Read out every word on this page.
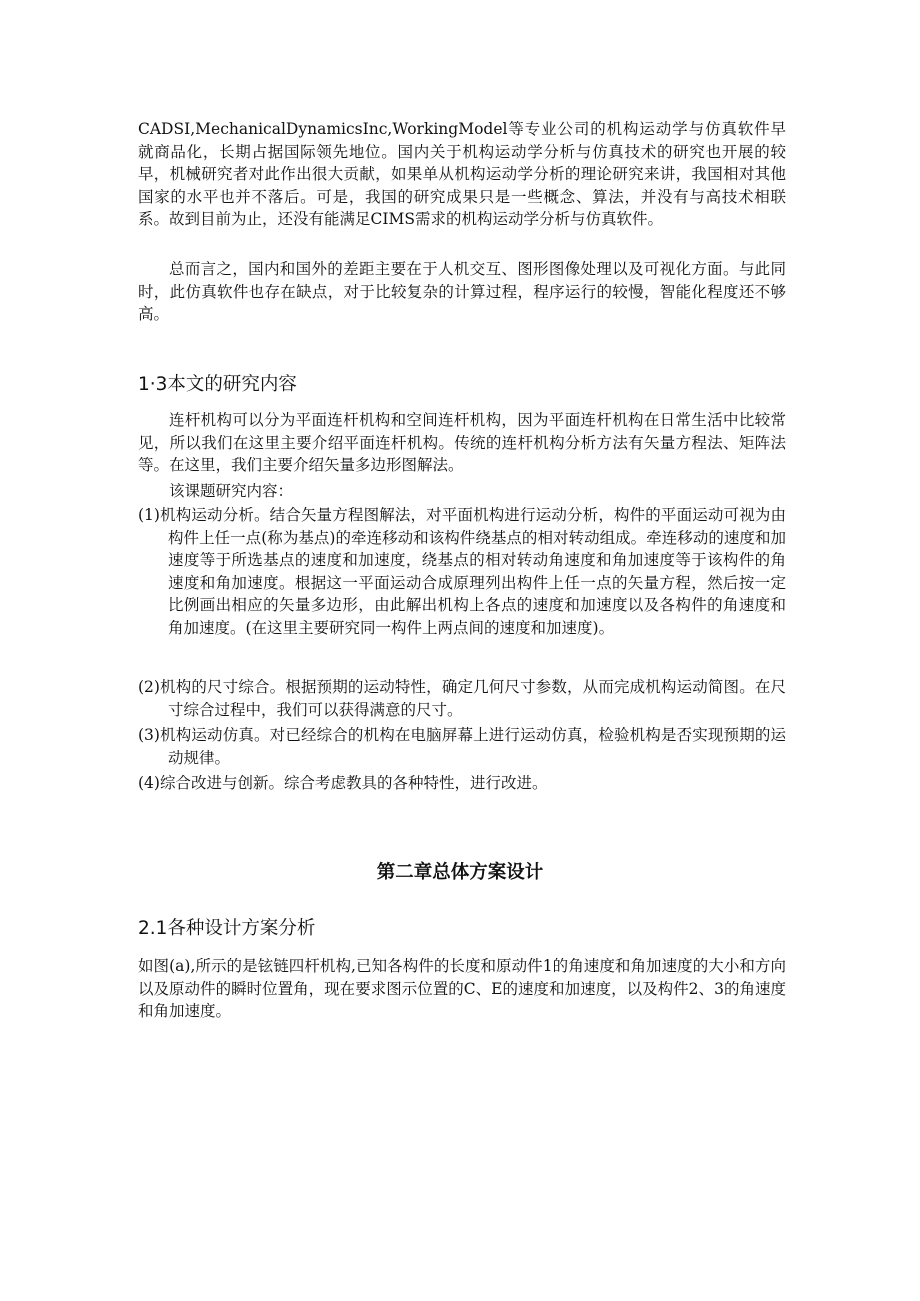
CADSI,MechanicalDynamicsInc,WorkingModel等专业公司的机构运动学与仿真软件早就商品化，长期占据国际领先地位。国内关于机构运动学分析与仿真技术的研究也开展的较早，机械研究者对此作出很大贡献，如果单从机构运动学分析的理论研究来讲，我国相对其他国家的水平也并不落后。可是，我国的研究成果只是一些概念、算法，并没有与高技术相联系。故到目前为止，还没有能满足CIMS需求的机构运动学分析与仿真软件。

总而言之，国内和国外的差距主要在于人机交互、图形图像处理以及可视化方面。与此同时，此仿真软件也存在缺点，对于比较复杂的计算过程，程序运行的较慢，智能化程度还不够高。

1·3本文的研究内容

连杆机构可以分为平面连杆机构和空间连杆机构，因为平面连杆机构在日常生活中比较常见，所以我们在这里主要介绍平面连杆机构。传统的连杆机构分析方法有矢量方程法、矩阵法等。在这里，我们主要介绍矢量多边形图解法。

该课题研究内容：

(1)机构运动分析。结合矢量方程图解法，对平面机构进行运动分析，构件的平面运动可视为由构件上任一点(称为基点)的牵连移动和该构件绕基点的相对转动组成。牵连移动的速度和加速度等于所选基点的速度和加速度，绕基点的相对转动角速度和角加速度等于该构件的角速度和角加速度。根据这一平面运动合成原理列出构件上任一点的矢量方程，然后按一定比例画出相应的矢量多边形，由此解出机构上各点的速度和加速度以及各构件的角速度和角加速度。(在这里主要研究同一构件上两点间的速度和加速度)。

(2)机构的尺寸综合。根据预期的运动特性，确定几何尺寸参数，从而完成机构运动简图。在尺寸综合过程中，我们可以获得满意的尺寸。

(3)机构运动仿真。对已经综合的机构在电脑屏幕上进行运动仿真，检验机构是否实现预期的运动规律。

(4)综合改进与创新。综合考虑教具的各种特性，进行改进。

第二章总体方案设计
2.1各种设计方案分析

如图(a),所示的是铉链四杆机构,已知各构件的长度和原动件1的角速度和角加速度的大小和方向以及原动件的瞬时位置角，现在要求图示位置的C、E的速度和加速度，以及构件2、3的角速度和角加速度。
